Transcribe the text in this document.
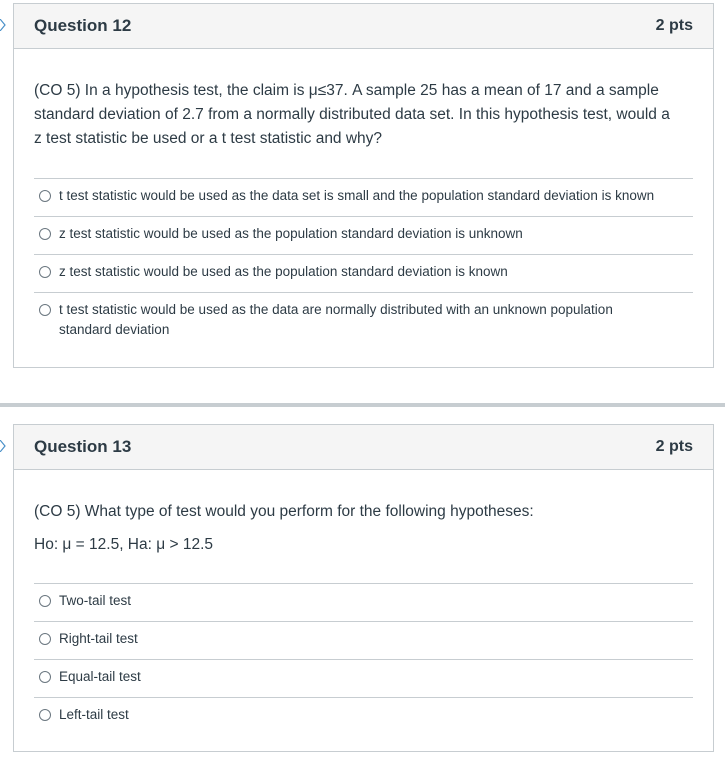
Question 12	2 pts

(CO 5) In a hypothesis test, the claim is μ≤37. A sample 25 has a mean of 17 and a sample

standard deviation of 2.7 from a normally distributed data set. In this hypothesis test, would a

z test statistic be used or a t test statistic and why?

t test statistic would be used as the data set is small and the population standard deviation is known
z test statistic would be used as the population standard deviation is unknown
z test statistic would be used as the population standard deviation is known
t test statistic would be used as the data are normally distributed with an unknown population standard deviation
Question 13	2 pts

(CO 5) What type of test would you perform for the following hypotheses:

Ho: μ = 12.5, Ha: μ > 12.5

Two-tail test
Right-tail test
Equal-tail test
Left-tail test
